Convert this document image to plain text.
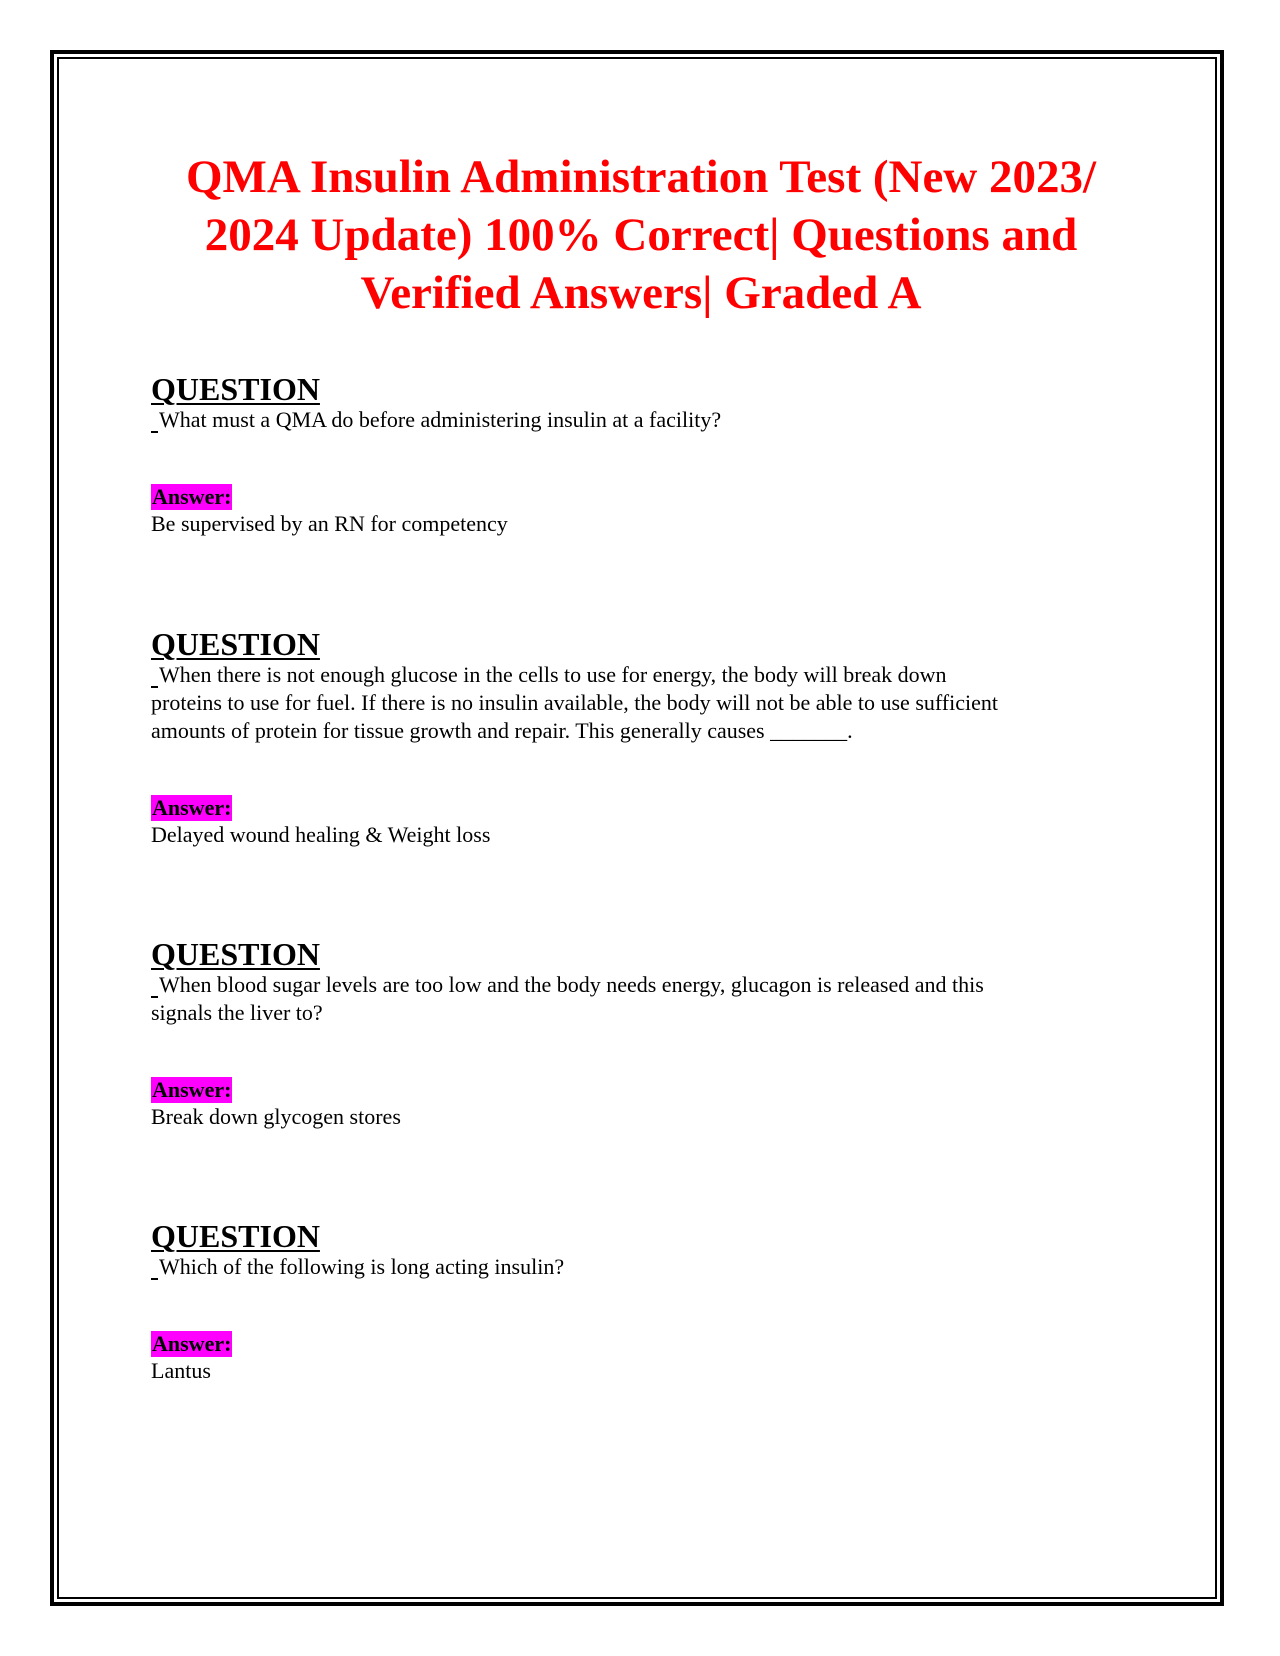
QMA Insulin Administration Test (New 2023/
2024 Update) 100% Correct| Questions and
Verified Answers| Graded A

QUESTION

What must a QMA do before administering insulin at a facility?

Answer:

Be supervised by an RN for competency

QUESTION

When there is not enough glucose in the cells to use for energy, the body will break down
proteins to use for fuel. If there is no insulin available, the body will not be able to use sufficient
amounts of protein for tissue growth and repair. This generally causes _______.

Answer:

Delayed wound healing & Weight loss

QUESTION

When blood sugar levels are too low and the body needs energy, glucagon is released and this
signals the liver to?

Answer:

Break down glycogen stores

QUESTION

Which of the following is long acting insulin?

Answer:

Lantus
